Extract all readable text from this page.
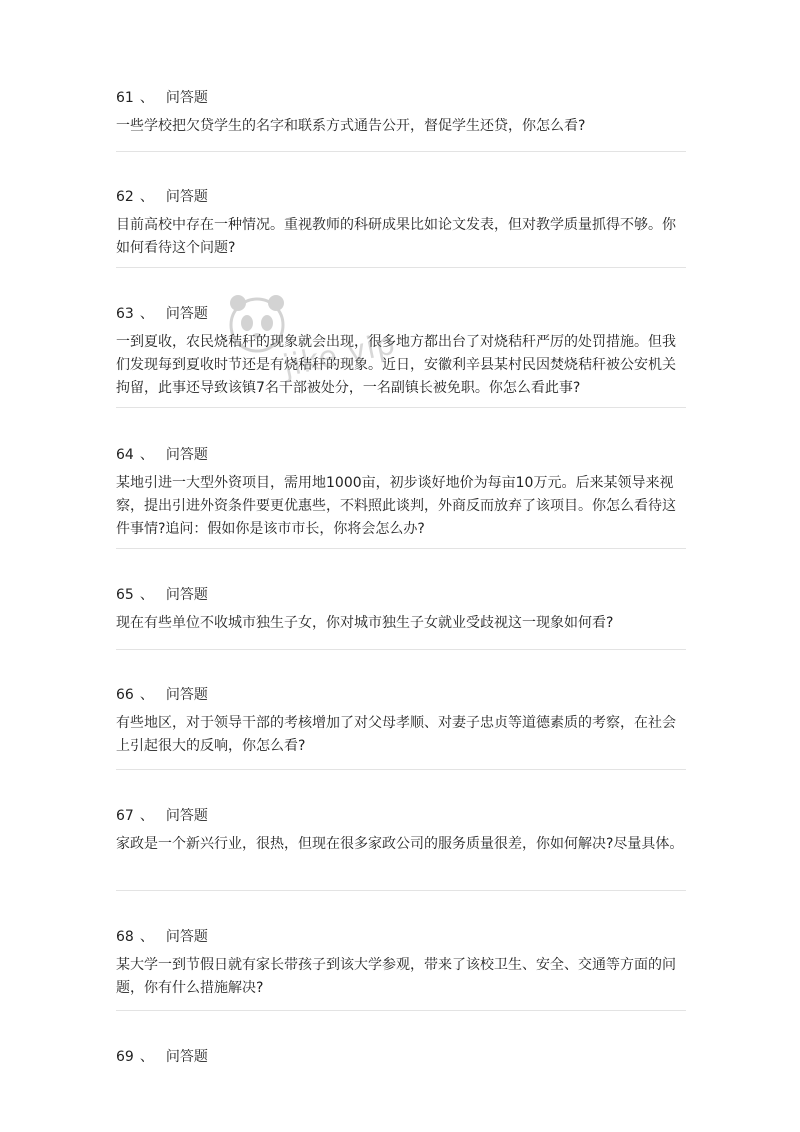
61 、 问答题

一些学校把欠贷学生的名字和联系方式通告公开，督促学生还贷，你怎么看?

62 、 问答题

目前高校中存在一种情况。重视教师的科研成果比如论文发表，但对教学质量抓得不够。你如何看待这个问题?

63 、 问答题

一到夏收，农民烧秸秆的现象就会出现，很多地方都出台了对烧秸秆严厉的处罚措施。但我们发现每到夏收时节还是有烧秸秆的现象。近日，安徽利辛县某村民因焚烧秸秆被公安机关拘留，此事还导致该镇7名干部被处分，一名副镇长被免职。你怎么看此事?

64 、 问答题

某地引进一大型外资项目，需用地1000亩，初步谈好地价为每亩10万元。后来某领导来视察，提出引进外资条件要更优惠些，不料照此谈判，外商反而放弃了该项目。你怎么看待这件事情?追问：假如你是该市市长，你将会怎么办?

65 、 问答题

现在有些单位不收城市独生子女，你对城市独生子女就业受歧视这一现象如何看?

66 、 问答题

有些地区，对于领导干部的考核增加了对父母孝顺、对妻子忠贞等道德素质的考察，在社会上引起很大的反响，你怎么看?

67 、 问答题

家政是一个新兴行业，很热，但现在很多家政公司的服务质量很差，你如何解决?尽量具体。

68 、 问答题

某大学一到节假日就有家长带孩子到该大学参观，带来了该校卫生、安全、交通等方面的问题，你有什么措施解决?

69 、 问答题

jike.vip
